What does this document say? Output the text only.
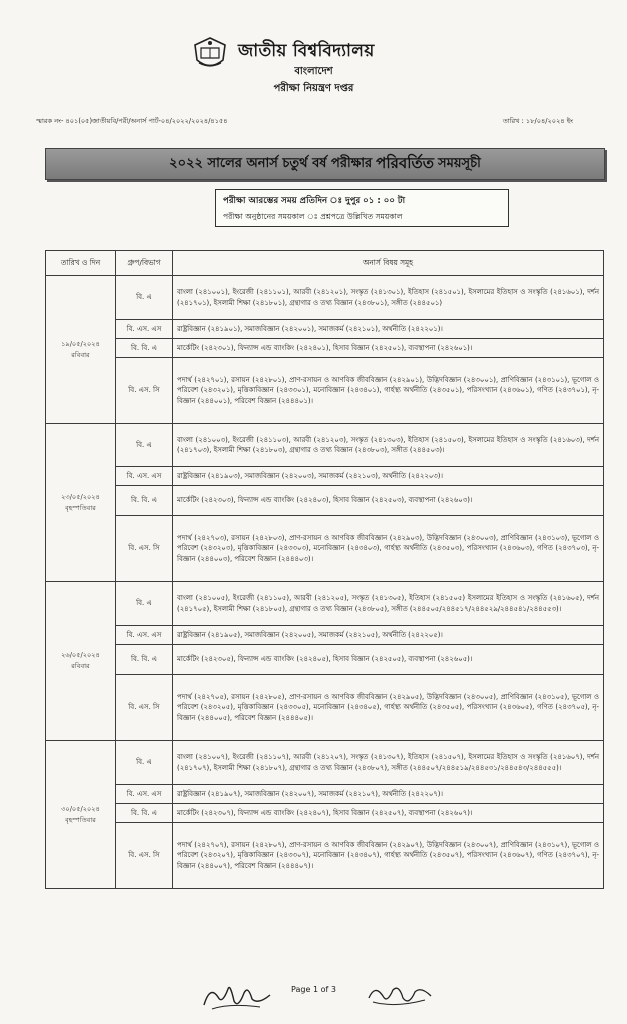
জাতীয় বিশ্ববিদ্যালয়
বাংলাদেশ
পরীক্ষা নিয়ন্ত্রণ দপ্তর
স্মারক নং- ৪০১(০৫)জাতীয়বি/পরী/অনার্স পার্ট-০৪/২০২২/২০২৪/৪১৫৪	তারিখ : ১৮/০৪/২০২৪ ইং
২০২২ সালের অনার্স চতুর্থ বর্ষ পরীক্ষার পরিবর্তিত সময়সূচী
পরীক্ষা আরম্ভের সময় প্রতিদিন ঃ দুপুর ০১ : ০০ টা
পরীক্ষা অনুষ্ঠানের সময়কাল ঃ প্রশ্নপত্রে উল্লিখিত সময়কাল
তারিখ ও দিন	গ্রুপ/বিভাগ	অনার্স বিষয় সমূহ

১৯/০৫/২০২৪
রবিবার	বি. এ	বাংলা (২৪১০০১), ইংরেজী (২৪১১০১), আরবী (২৪১২০১), সংস্কৃত (২৪১৩০১), ইতিহাস (২৪১৫০১), ইসলামের ইতিহাস ও সংস্কৃতি (২৪১৬০১), দর্শন (২৪১৭০১), ইসলামী শিক্ষা (২৪১৮০১), গ্রন্থাগার ও তথ্য বিজ্ঞান (২৪৩৮০১), সঙ্গীত (২৪৪৫০১)
	বি. এস. এস	রাষ্ট্রবিজ্ঞান (২৪১৯০১), সমাজবিজ্ঞান (২৪২০০১), সমাজকর্ম (২৪২১০১), অর্থনীতি (২৪২২০১)।
	বি. বি. এ	মার্কেটিং (২৪২৩০১), ফিন্যান্স এন্ড ব্যাংকিং (২৪২৪০১), হিসাব বিজ্ঞান (২৪২৫০১), ব্যবস্থাপনা (২৪২৬০১)।
	বি. এস. সি	পদার্থ (২৪২৭০১), রসায়ন (২৪২৮০১), প্রাণ-রসায়ন ও আণবিক জীববিজ্ঞান (২৪২৯০১), উদ্ভিদবিজ্ঞান (২৪৩০০১), প্রাণিবিজ্ঞান (২৪৩১০১), ভূগোল ও পরিবেশ (২৪৩২০১), মৃত্তিকাবিজ্ঞান (২৪৩৩০১), মনোবিজ্ঞান (২৪৩৪০১), গার্হস্থ্য অর্থনীতি (২৪৩৫০১), পরিসংখ্যান (২৪৩৬০১), গণিত (২৪৩৭০১), নৃ-বিজ্ঞান (২৪৪০০১), পরিবেশ বিজ্ঞান (২৪৪৪০১)।

২৩/০৫/২০২৪
বৃহস্পতিবার	বি. এ	বাংলা (২৪১০০৩), ইংরেজী (২৪১১০৩), আরবী (২৪১২০৩), সংস্কৃত (২৪১৩০৩), ইতিহাস (২৪১৫০৩), ইসলামের ইতিহাস ও সংস্কৃতি (২৪১৬০৩), দর্শন (২৪১৭০৩), ইসলামী শিক্ষা (২৪১৮০৩), গ্রন্থাগার ও তথ্য বিজ্ঞান (২৪৩৮০৩), সঙ্গীত (২৪৪৫০৩)।
	বি. এস. এস	রাষ্ট্রবিজ্ঞান (২৪১৯০৩), সমাজবিজ্ঞান (২৪২০০৩), সমাজকর্ম (২৪২১০৩), অর্থনীতি (২৪২২০৩)।
	বি. বি. এ	মার্কেটিং (২৪২৩০৩), ফিন্যান্স এন্ড ব্যাংকিং (২৪২৪০৩), হিসাব বিজ্ঞান (২৪২৫০৩), ব্যবস্থাপনা (২৪২৬০৩)।
	বি. এস. সি	পদার্থ (২৪২৭০৩), রসায়ন (২৪২৮০৩), প্রাণ-রসায়ন ও আণবিক জীববিজ্ঞান (২৪২৯০৩), উদ্ভিদবিজ্ঞান (২৪৩০০৩), প্রাণিবিজ্ঞান (২৪৩১০৩), ভূগোল ও পরিবেশ (২৪৩২০৩), মৃত্তিকাবিজ্ঞান (২৪৩৩০৩), মনোবিজ্ঞান (২৪৩৪০৩), গার্হস্থ্য অর্থনীতি (২৪৩৫০৩), পরিসংখ্যান (২৪৩৬০৩), গণিত (২৪৩৭০৩), নৃ-বিজ্ঞান (২৪৪০০৩), পরিবেশ বিজ্ঞান (২৪৪৪০৩)।

২৬/০৫/২০২৪
রবিবার	বি. এ	বাংলা (২৪১০০৫), ইংরেজী (২৪১১০৫), আরবী (২৪১২০৫), সংস্কৃত (২৪১৩০৫), ইতিহাস (২৪১৫০৫) ইসলামের ইতিহাস ও সংস্কৃতি (২৪১৬০৫), দর্শন (২৪১৭০৫), ইসলামী শিক্ষা (২৪১৮০৫), গ্রন্থাগার ও তথ্য বিজ্ঞান (২৪৩৮০৫), সঙ্গীত (২৪৪৫০৫/২৪৪৫১৭/২৪৪৫২৯/২৪৪৫৪১/২৪৪৫৫৩)।
	বি. এস. এস	রাষ্ট্রবিজ্ঞান (২৪১৯০৫), সমাজবিজ্ঞান (২৪২০০৫), সমাজকর্ম (২৪২১০৫), অর্থনীতি (২৪২২০৫)।
	বি. বি. এ	মার্কেটিং (২৪২৩০৫), ফিন্যান্স এন্ড ব্যাংকিং (২৪২৪০৫), হিসাব বিজ্ঞান (২৪২৫০৫), ব্যবস্থাপনা (২৪২৬০৫)।
	বি. এস. সি	পদার্থ (২৪২৭০৫), রসায়ন (২৪২৮০৫), প্রাণ-রসায়ন ও আণবিক জীববিজ্ঞান (২৪২৯০৫), উদ্ভিদবিজ্ঞান (২৪৩০০৫), প্রাণিবিজ্ঞান (২৪৩১০৫), ভূগোল ও পরিবেশ (২৪৩২০৫), মৃত্তিকাবিজ্ঞান (২৪৩৩০৫), মনোবিজ্ঞান (২৪৩৪০৫), গার্হস্থ্য অর্থনীতি (২৪৩৫০৫), পরিসংখ্যান (২৪৩৬০৫), গণিত (২৪৩৭০৫), নৃ-বিজ্ঞান (২৪৪০০৫), পরিবেশ বিজ্ঞান (২৪৪৪০৫)।

৩০/০৫/২০২৪
বৃহস্পতিবার	বি. এ	বাংলা (২৪১০০৭), ইংরেজী (২৪১১০৭), আরবী (২৪১২০৭), সংস্কৃত (২৪১৩০৭), ইতিহাস (২৪১৫০৭), ইসলামের ইতিহাস ও সংস্কৃতি (২৪১৬০৭), দর্শন (২৪১৭০৭), ইসলামী শিক্ষা (২৪১৮০৭), গ্রন্থাগার ও তথ্য বিজ্ঞান (২৪৩৮০৭), সঙ্গীত (২৪৪৫০৭/২৪৪৫১৯/২৪৪৫৩১/২৪৪৫৪৩/২৪৪৫৫৫)।
	বি. এস. এস	রাষ্ট্রবিজ্ঞান (২৪১৯০৭), সমাজবিজ্ঞান (২৪২০০৭), সমাজকর্ম (২৪২১০৭), অর্থনীতি (২৪২২০৭)।
	বি. বি. এ	মার্কেটিং (২৪২৩০৭), ফিন্যান্স এন্ড ব্যাংকিং (২৪২৪০৭), হিসাব বিজ্ঞান (২৪২৫০৭), ব্যবস্থাপনা (২৪২৬০৭)।
	বি. এস. সি	পদার্থ (২৪২৭০৭), রসায়ন (২৪২৮০৭), প্রাণ-রসায়ন ও আণবিক জীববিজ্ঞান (২৪২৯০৭), উদ্ভিদবিজ্ঞান (২৪৩০০৭), প্রাণিবিজ্ঞান (২৪৩১০৭), ভূগোল ও পরিবেশ (২৪৩২০৭), মৃত্তিকাবিজ্ঞান (২৪৩৩০৭), মনোবিজ্ঞান (২৪৩৪০৭), গার্হস্থ্য অর্থনীতি (২৪৩৫০৭), পরিসংখ্যান (২৪৩৬০৭), গণিত (২৪৩৭০৭), নৃ-বিজ্ঞান (২৪৪০০৭), পরিবেশ বিজ্ঞান (২৪৪৪০৭)।
Page 1 of 3
